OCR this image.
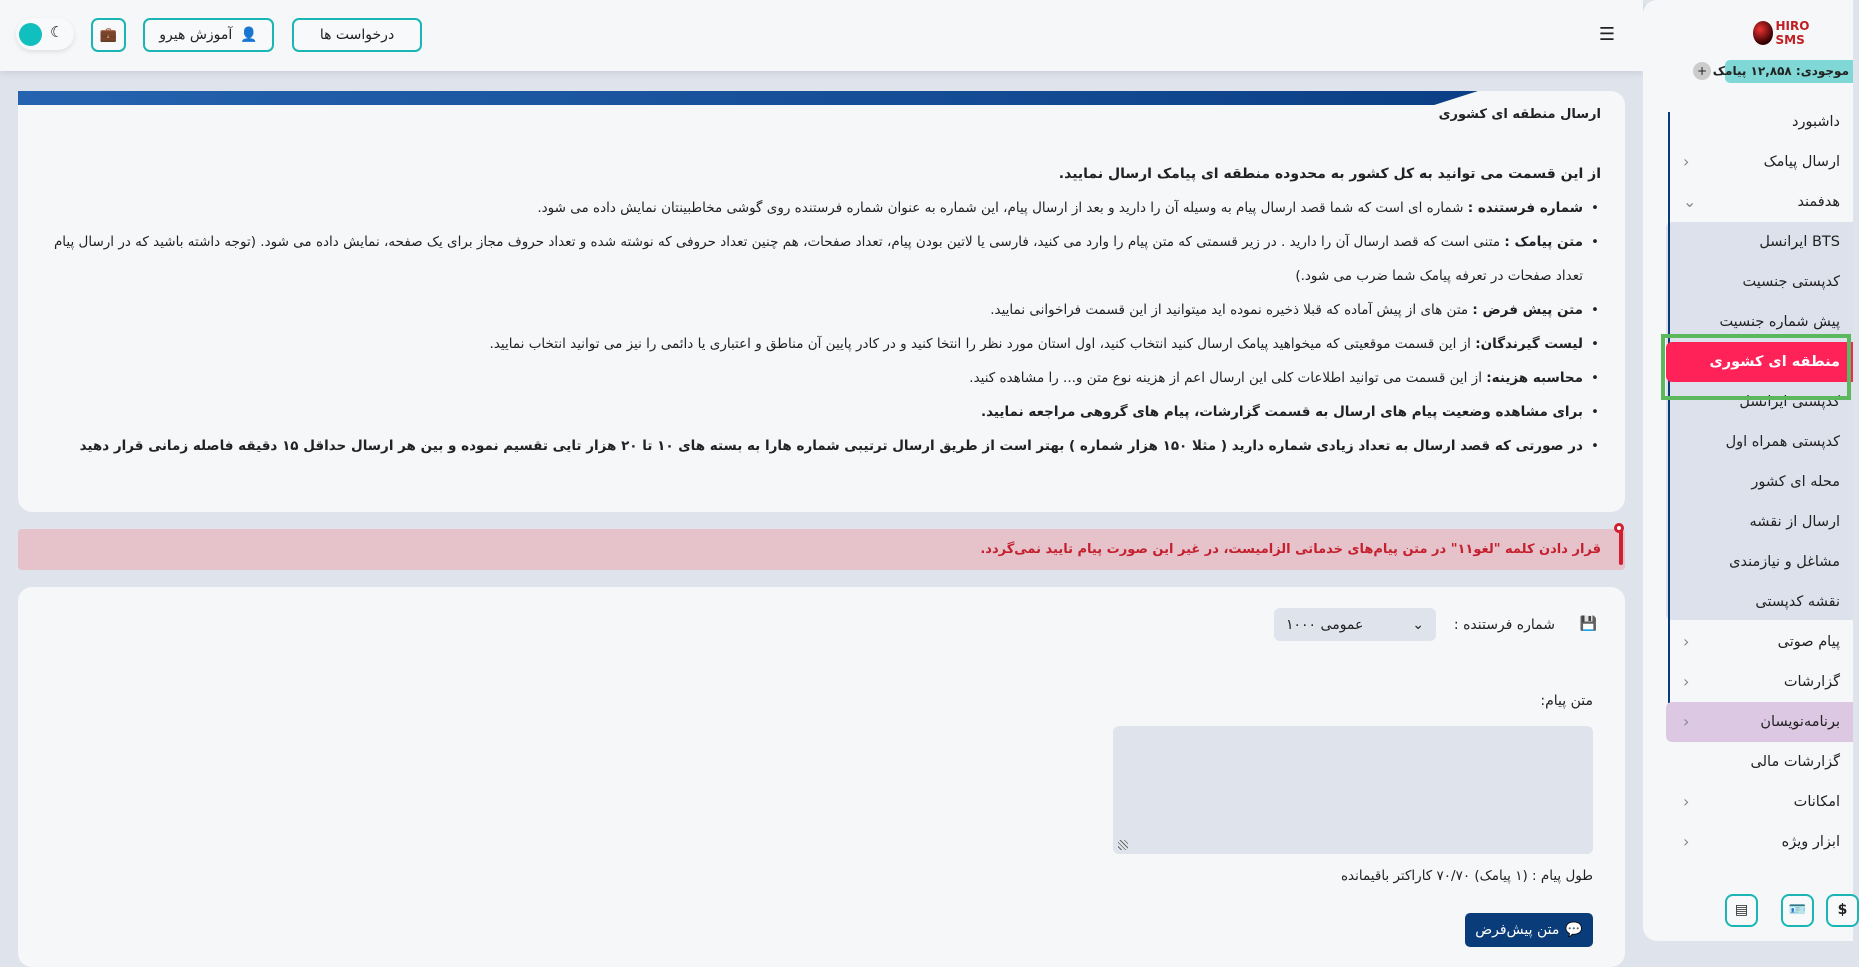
☰
درخواست ها
👤
آموزش هیرو
💼
☾
ارسال منطقه ای کشوری
از این قسمت می توانید به کل کشور به محدوده منطقه ای پیامک ارسال نمایید.
• شماره فرستنده : شماره ای است که شما قصد ارسال پیام به وسیله آن را دارید و بعد از ارسال پیام، این شماره به عنوان شماره فرستنده روی گوشی مخاطبینتان نمایش داده می شود.
• متن پیامک : متنی است که قصد ارسال آن را دارید . در زیر قسمتی که متن پیام را وارد می کنید، فارسی یا لاتین بودن پیام، تعداد صفحات، هم چنین تعداد حروفی که نوشته شده و تعداد حروف مجاز برای یک صفحه، نمایش داده می شود. (توجه داشته باشید که در ارسال پیام تعداد صفحات در تعرفه پیامک شما ضرب می شود.)
• متن پیش فرض : متن های از پیش آماده که قبلا ذخیره نموده اید میتوانید از این قسمت فراخوانی نمایید.
• لیست گیرندگان: از این قسمت موقعیتی که میخواهید پیامک ارسال کنید انتخاب کنید، اول استان مورد نظر را انتخا کنید و در کادر پایین آن مناطق و اعتباری یا دائمی را نیز می توانید انتخاب نمایید.
• محاسبه هزینه: از این قسمت می توانید اطلاعات کلی این ارسال اعم از هزینه نوع متن و... را مشاهده کنید.
• برای مشاهده وضعیت پیام های ارسال به قسمت گزارشات، پیام های گروهی مراجعه نمایید.
• در صورتی که قصد ارسال به تعداد زیادی شماره دارید ( مثلا ۱۵۰ هزار شماره ) بهتر است از طریق ارسال ترتیبی شماره هارا به بسته های ۱۰ تا ۲۰ هزار تایی تقسیم نموده و بین هر ارسال حداقل ۱۵ دقیقه فاصله زمانی قرار دهید
قرار دادن کلمه "لغو۱۱" در متن پیام‌های خدماتی الزامیست، در غیر این صورت پیام تایید نمی‌گردد.
💾
شماره فرستنده :
⌄
عمومی ۱۰۰۰
متن پیام:
طول پیام : (۱ پیامک) ۷۰/۷۰ کاراکتر باقیمانده
💬
متن پیش‌فرض
HIRO SMS
+ موجودی: ۱۲,۸۵۸ پیامک
داشبورد
ارسال پیامک
‹
هدفمند
⌄
BTS ایرانسل
کدپستی جنسیت
پیش شماره جنسیت
منطقه ای کشوری
کدپستی ایرانسل
کدپستی همراه اول
محله ای کشور
ارسال از نقشه
مشاغل و نیازمندی
نقشه کدپستی
پیام صوتی
‹
گزارشات
‹
برنامه‌نویسان
‹
گزارشات مالی
امکانات
‹
ابزار ویژه
‹
$
🪪
▤
